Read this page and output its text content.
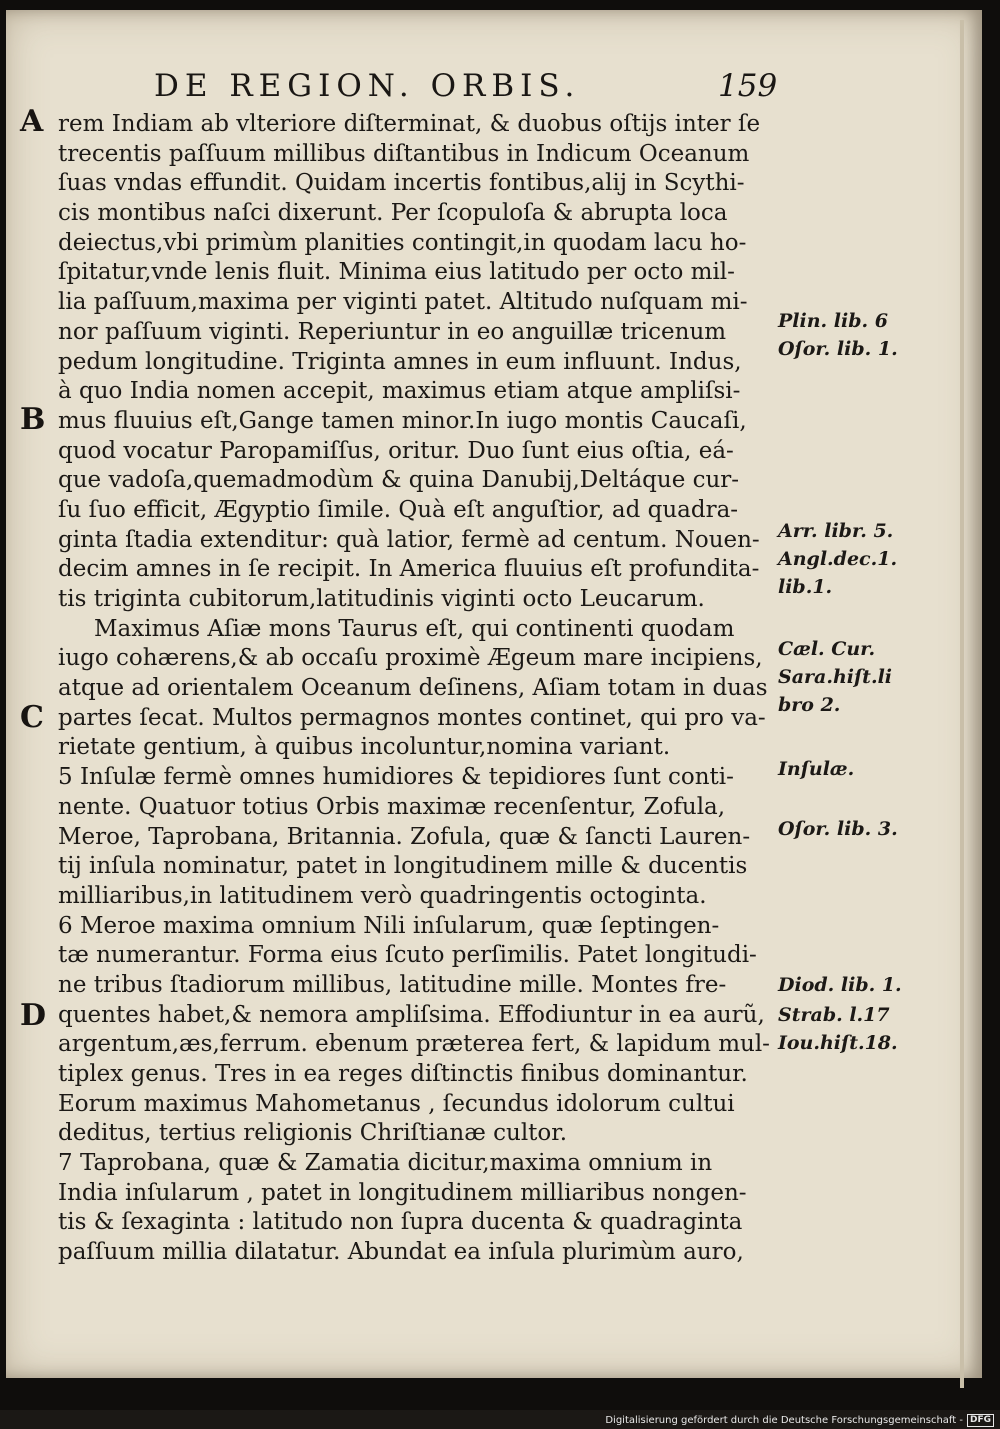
DE REGION. ORBIS.	159
A
B
C
D
rem Indiam ab vlteriore diſterminat, & duobus oſtijs inter ſe
trecentis paſſuum millibus diſtantibus in Indicum Oceanum
ſuas vndas effundit. Quidam incertis fontibus,alij in Scythi-
cis montibus naſci dixerunt. Per ſcopuloſa & abrupta loca
deiectus,vbi primùm planities contingit,in quodam lacu ho-
ſpitatur,vnde lenis fluit. Minima eius latitudo per octo mil-
lia paſſuum,maxima per viginti patet. Altitudo nuſquam mi-
nor paſſuum viginti. Reperiuntur in eo anguillæ tricenum
pedum longitudine. Triginta amnes in eum influunt. Indus,
à quo India nomen accepit, maximus etiam atque ampliſsi-
mus fluuius eſt,Gange tamen minor.In iugo montis Caucaſi,
quod vocatur Paropamiſſus, oritur. Duo ſunt eius oſtia, eá-
que vadoſa,quemadmodùm & quina Danubij,Deltáque cur-
ſu ſuo efficit, Ægyptio ſimile. Quà eſt anguſtior, ad quadra-
ginta ſtadia extenditur: quà latior, fermè ad centum. Nouen-
decim amnes in ſe recipit. In America fluuius eſt profundita-
tis triginta cubitorum,latitudinis viginti octo Leucarum.
Maximus Aſiæ mons Taurus eſt, qui continenti quodam
iugo cohærens,& ab occaſu proximè Ægeum mare incipiens,
atque ad orientalem Oceanum deſinens, Aſiam totam in duas
partes ſecat. Multos permagnos montes continet, qui pro va-
rietate gentium, à quibus incoluntur,nomina variant.
5 Inſulæ fermè omnes humidiores & tepidiores ſunt conti-
nente. Quatuor totius Orbis maximæ recenſentur, Zofula,
Meroe, Taprobana, Britannia. Zofula, quæ & ſancti Lauren-
tij inſula nominatur, patet in longitudinem mille & ducentis
milliaribus,in latitudinem verò quadringentis octoginta.
6 Meroe maxima omnium Nili inſularum, quæ ſeptingen-
tæ numerantur. Forma eius ſcuto perſimilis. Patet longitudi-
ne tribus ſtadiorum millibus, latitudine mille. Montes fre-
quentes habet,& nemora ampliſsima. Effodiuntur in ea aurũ,
argentum,æs,ferrum. ebenum præterea fert, & lapidum mul-
tiplex genus. Tres in ea reges diſtinctis finibus dominantur.
Eorum maximus Mahometanus , ſecundus idolorum cultui
deditus, tertius religionis Chriſtianæ cultor.
7 Taprobana, quæ & Zamatia dicitur,maxima omnium in
India inſularum , patet in longitudinem milliaribus nongen-
tis & ſexaginta : latitudo non ſupra ducenta & quadraginta
paſſuum millia dilatatur. Abundat ea inſula plurimùm auro,
Plin. lib. 6
Oſor. lib. 1.
Arr. libr. 5.
Angl.dec.1.
lib.1.
Cæl. Cur.
Sara.hiſt.li
bro 2.
Inſulæ.
Oſor. lib. 3.
Diod. lib. 1.
Strab. l.17
Iou.hiſt.18.
Digitalisierung gefördert durch die Deutsche Forschungsgemeinschaft - DFG
